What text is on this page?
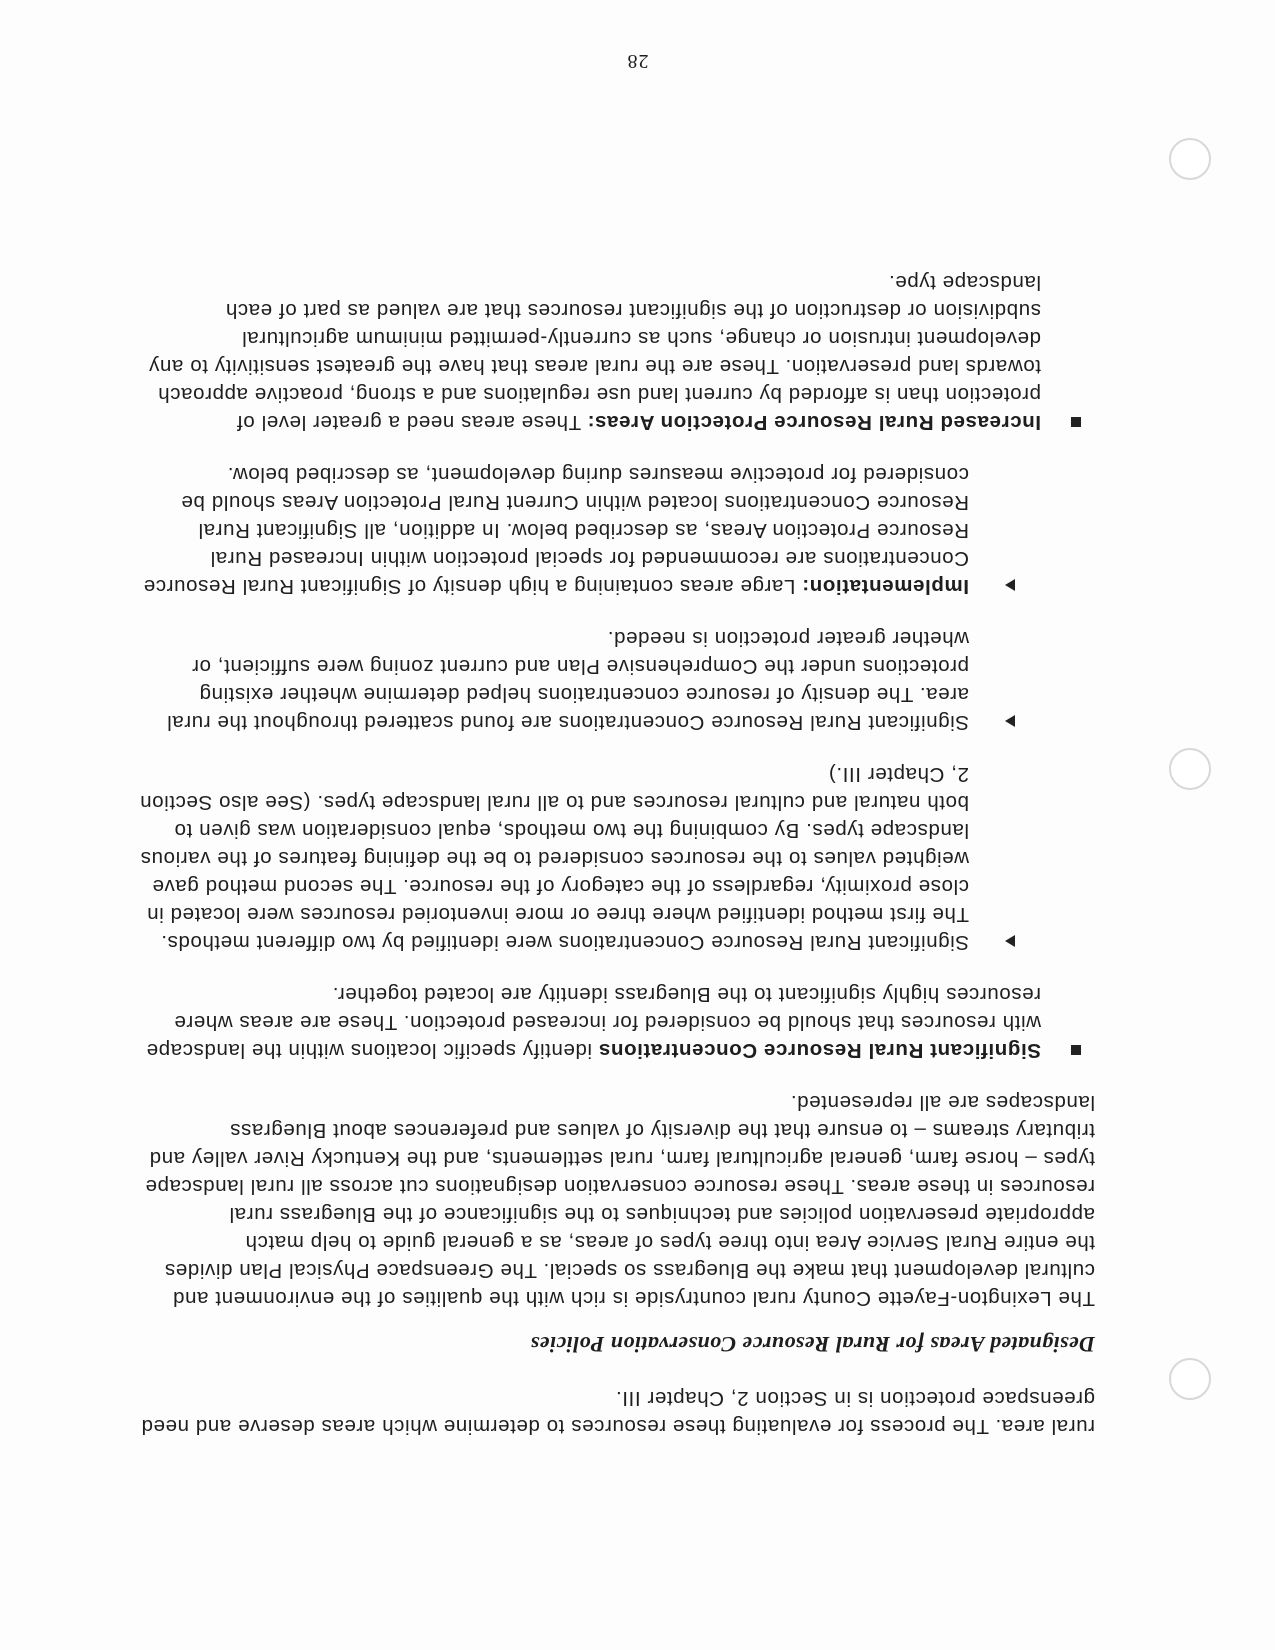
rural area. The process for evaluating these resources to determine which areas deserve and need greenspace protection is in Section 2, Chapter III.

Designated Areas for Rural Resource Conservation Policies

The Lexington-Fayette County rural countryside is rich with the qualities of the environment and cultural development that make the Bluegrass so special. The Greenspace Physical Plan divides the entire Rural Service Area into three types of areas, as a general guide to help match appropriate preservation policies and techniques to the significance of the Bluegrass rural resources in these areas. These resource conservation designations cut across all rural landscape types – horse farm, general agricultural farm, rural settlements, and the Kentucky River valley and tributary streams – to ensure that the diversity of values and preferences about Bluegrass landscapes are all represented.

Significant Rural Resource Concentrations identify specific locations within the landscape with resources that should be considered for increased protection. These are areas where resources highly significant to the Bluegrass identity are located together.

Significant Rural Resource Concentrations were identified by two different methods. The first method identified where three or more inventoried resources were located in close proximity, regardless of the category of the resource. The second method gave weighted values to the resources considered to be the defining features of the various landscape types. By combining the two methods, equal consideration was given to both natural and cultural resources and to all rural landscape types. (See also Section 2, Chapter III.)

Significant Rural Resource Concentrations are found scattered throughout the rural area. The density of resource concentrations helped determine whether existing protections under the Comprehensive Plan and current zoning were sufficient, or whether greater protection is needed.

Implementation: Large areas containing a high density of Significant Rural Resource Concentrations are recommended for special protection within Increased Rural Resource Protection Areas, as described below. In addition, all Significant Rural Resource Concentrations located within Current Rural Protection Areas should be considered for protective measures during development, as described below.

Increased Rural Resource Protection Areas: These areas need a greater level of protection than is afforded by current land use regulations and a strong, proactive approach towards land preservation. These are the rural areas that have the greatest sensitivity to any development intrusion or change, such as currently-permitted minimum agricultural subdivision or destruction of the significant resources that are valued as part of each landscape type.

28
